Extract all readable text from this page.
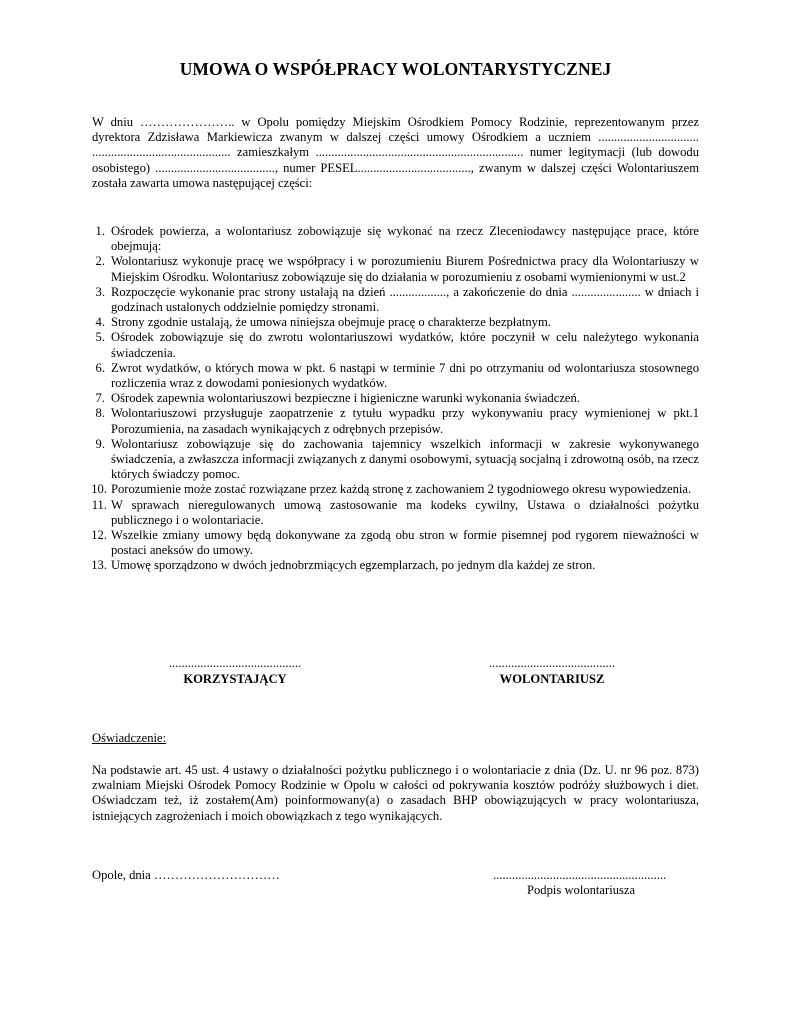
UMOWA O WSPÓŁPRACY WOLONTARYSTYCZNEJ

W dniu ………………….. w Opolu pomiędzy Miejskim Ośrodkiem Pomocy Rodzinie, reprezentowanym przez dyrektora Zdzisława Markiewicza zwanym w dalszej części umowy Ośrodkiem a uczniem ................................ ............................................ zamieszkałym .................................................................. numer legitymacji (lub dowodu osobistego) ......................................, numer PESEL...................................., zwanym w dalszej części Wolontariuszem została zawarta umowa następującej części:

1. Ośrodek powierza, a wolontariusz zobowiązuje się wykonać na rzecz Zleceniodawcy następujące prace, które obejmują:
2. Wolontariusz wykonuje pracę we współpracy i w porozumieniu Biurem Pośrednictwa pracy dla Wolontariuszy w Miejskim Ośrodku. Wolontariusz zobowiązuje się do działania w porozumieniu z osobami wymienionymi w ust.2
3. Rozpoczęcie wykonanie prac strony ustalają na dzień .................., a zakończenie do dnia ...................... w dniach i godzinach ustalonych oddzielnie pomiędzy stronami.
4. Strony zgodnie ustalają, że umowa niniejsza obejmuje pracę o charakterze bezpłatnym.
5. Ośrodek zobowiązuje się do zwrotu wolontariuszowi wydatków, które poczynił w celu należytego wykonania świadczenia.
6. Zwrot wydatków, o których mowa w pkt. 6 nastąpi w terminie 7 dni po otrzymaniu od wolontariusza stosownego rozliczenia wraz z dowodami poniesionych wydatków.
7. Ośrodek zapewnia wolontariuszowi bezpieczne i higieniczne warunki wykonania świadczeń.
8. Wolontariuszowi przysługuje zaopatrzenie z tytułu wypadku przy wykonywaniu pracy wymienionej w pkt.1 Porozumienia, na zasadach wynikających z odrębnych przepisów.
9. Wolontariusz zobowiązuje się do zachowania tajemnicy wszelkich informacji w zakresie wykonywanego świadczenia, a zwłaszcza informacji związanych z danymi osobowymi, sytuacją socjalną i zdrowotną osób, na rzecz których świadczy pomoc.
10. Porozumienie może zostać rozwiązane przez każdą stronę z zachowaniem 2 tygodniowego okresu wypowiedzenia.
11. W sprawach nieregulowanych umową zastosowanie ma kodeks cywilny, Ustawa o działalności pożytku publicznego i o wolontariacie.
12. Wszelkie zmiany umowy będą dokonywane za zgodą obu stron w formie pisemnej pod rygorem nieważności w postaci aneksów do umowy.
13. Umowę sporządzono w dwóch jednobrzmiących egzemplarzach, po jednym dla każdej ze stron.
..........................................
KORZYSTAJĄCY
........................................
WOLONTARIUSZ

Oświadczenie:

Na podstawie art. 45 ust. 4 ustawy o działalności pożytku publicznego i o wolontariacie z dnia (Dz. U. nr 96 poz. 873) zwalniam Miejski Ośrodek Pomocy Rodzinie w Opolu w całości od pokrywania kosztów podróży służbowych i diet. Oświadczam też, iż zostałem(Am) poinformowany(a) o zasadach BHP obowiązujących w pracy wolontariusza, istniejących zagrożeniach i moich obowiązkach z tego wynikających.

Opole, dnia …………………………	.......................................................
Podpis wolontariusza
